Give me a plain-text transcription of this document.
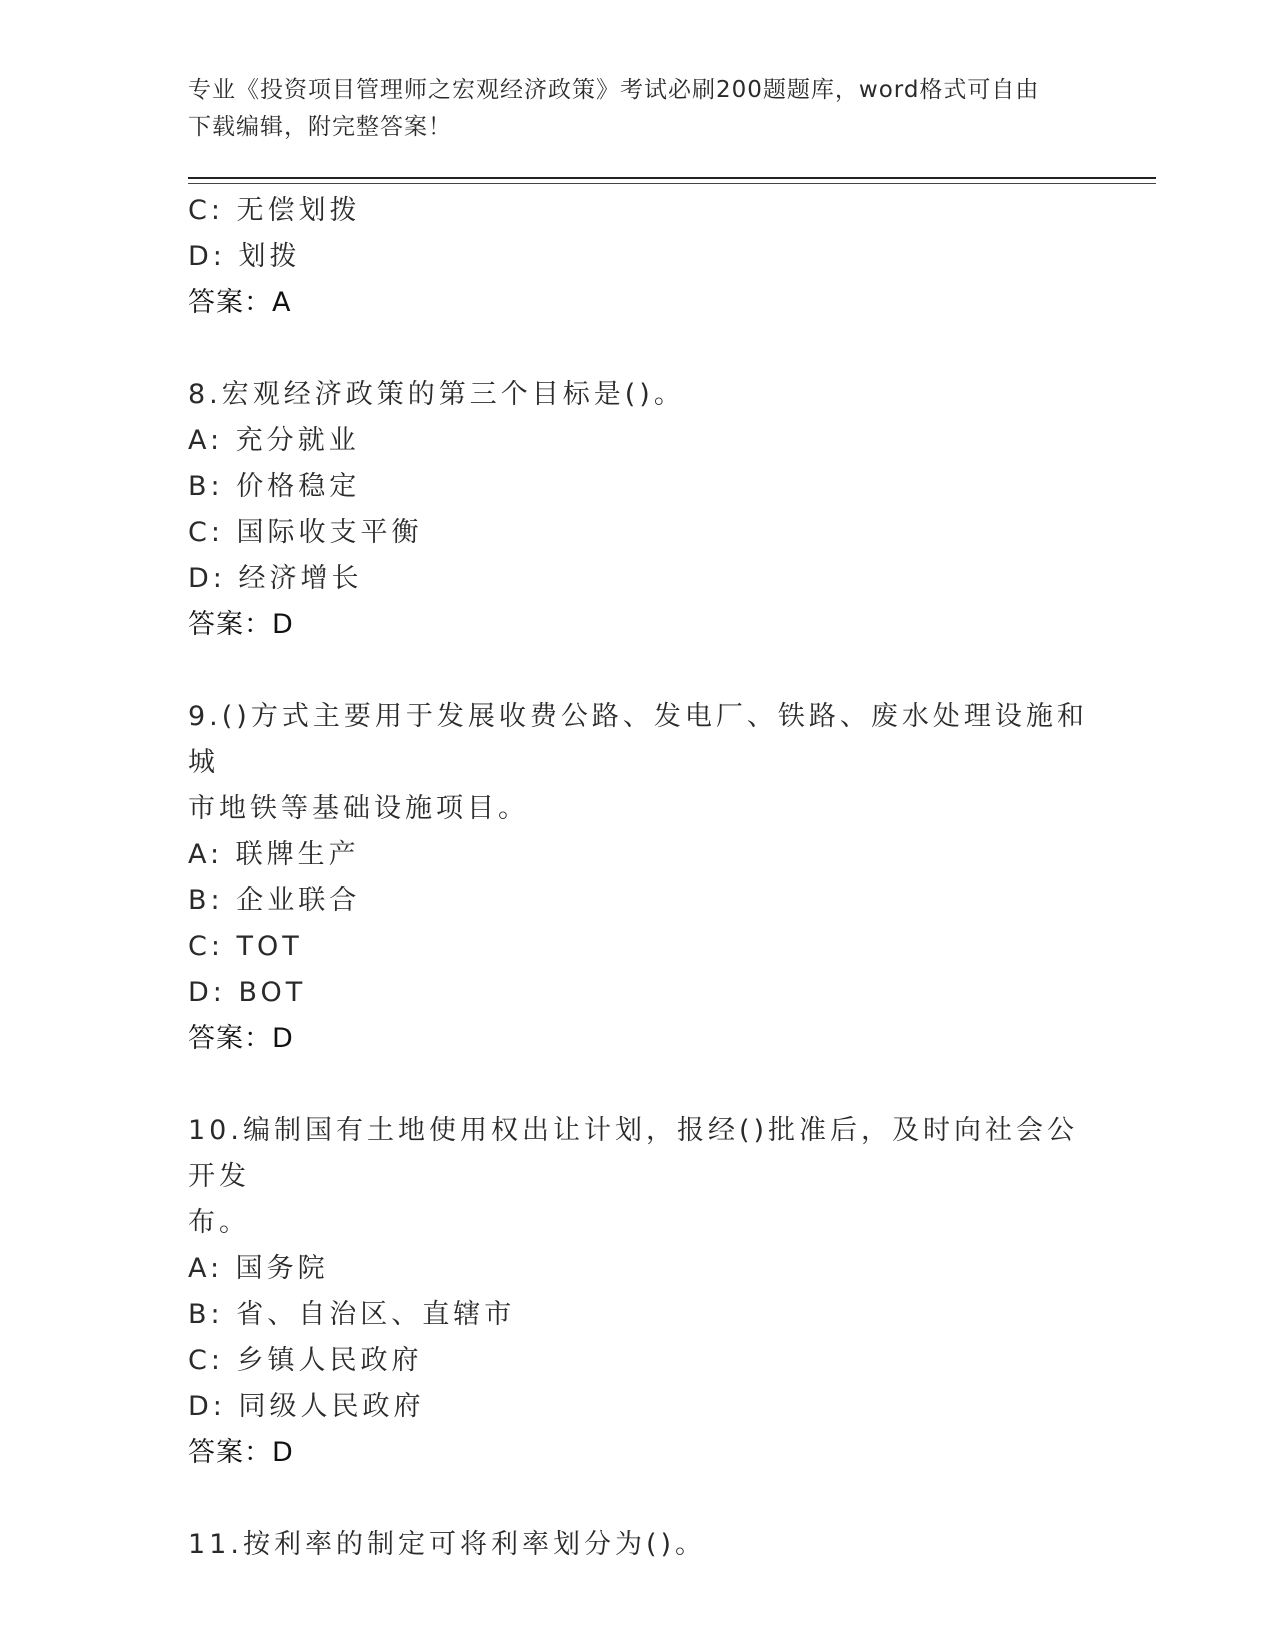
专业《投资项目管理师之宏观经济政策》考试必刷200题题库，word格式可自由
下载编辑，附完整答案！
C: 无偿划拨
D: 划拨
答案：A
8.宏观经济政策的第三个目标是()。
A: 充分就业
B: 价格稳定
C: 国际收支平衡
D: 经济增长
答案：D
9.()方式主要用于发展收费公路、发电厂、铁路、废水处理设施和城
市地铁等基础设施项目。
A: 联牌生产
B: 企业联合
C: TOT
D: BOT
答案：D
10.编制国有土地使用权出让计划，报经()批准后，及时向社会公开发
布。
A: 国务院
B: 省、自治区、直辖市
C: 乡镇人民政府
D: 同级人民政府
答案：D
11.按利率的制定可将利率划分为()。
